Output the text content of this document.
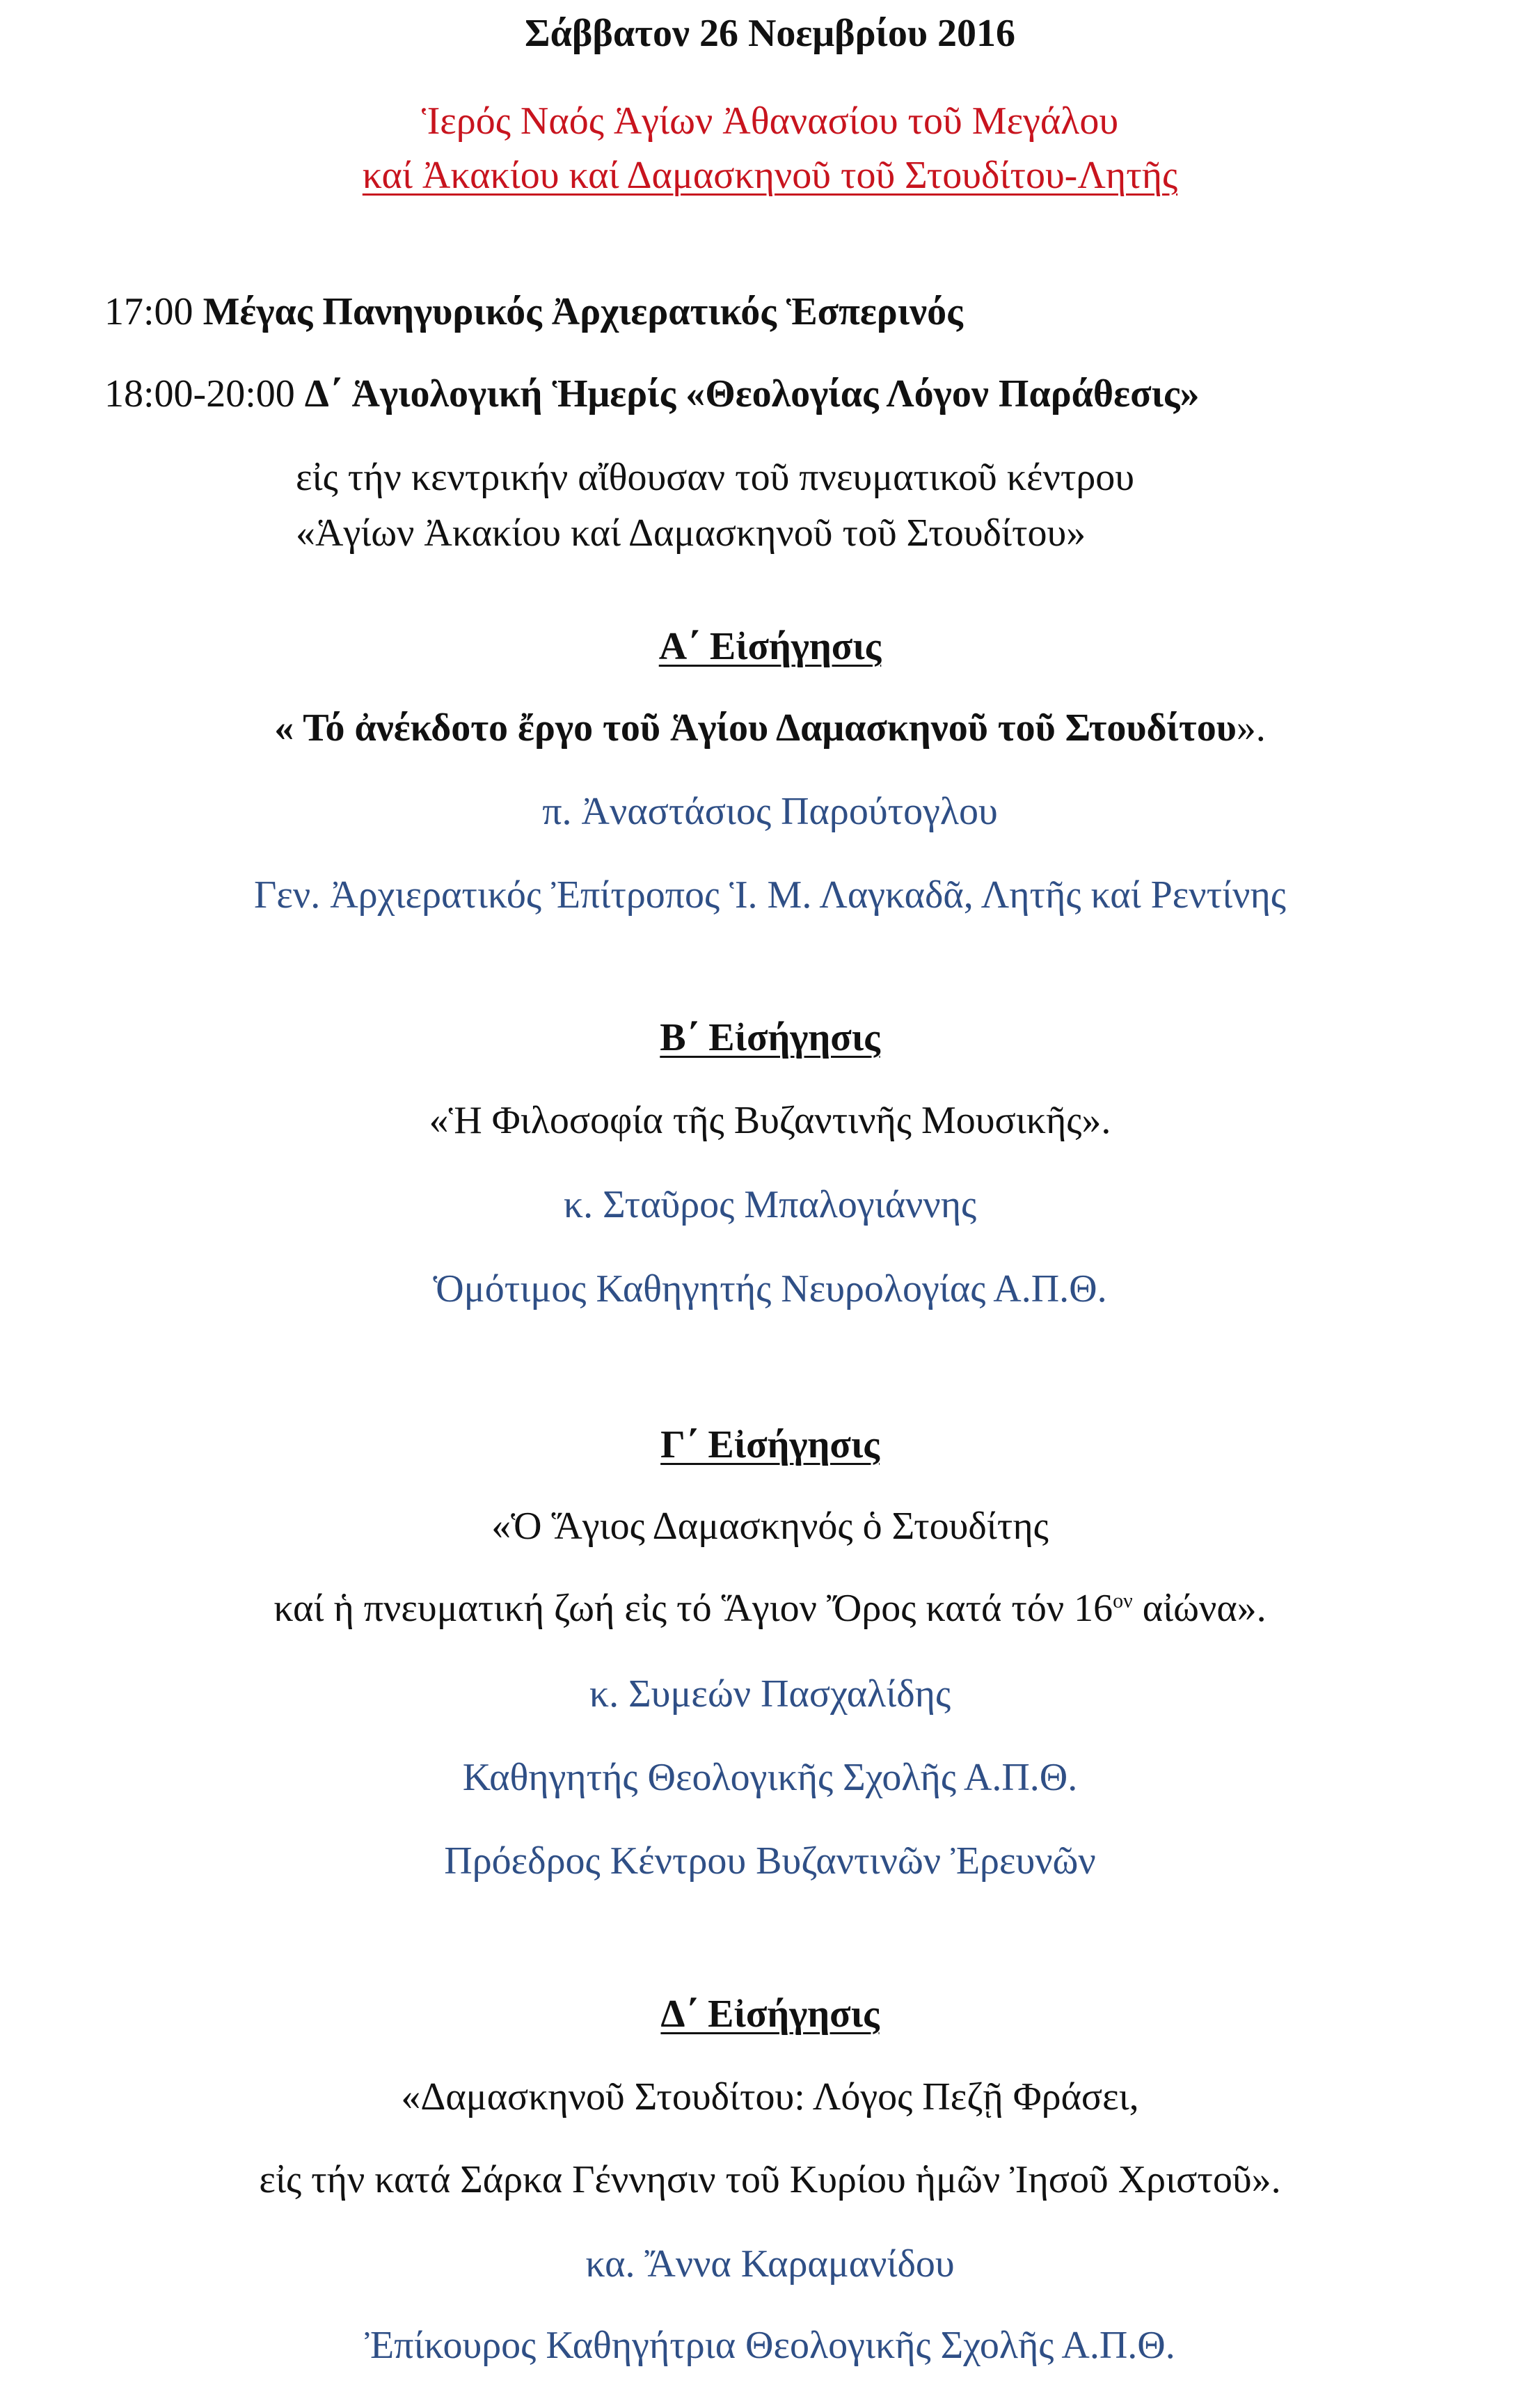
Σάββατον 26 Νοεμβρίου 2016
Ἱερός Ναός Ἁγίων Ἀθανασίου τοῦ Μεγάλου
καί Ἀκακίου καί Δαμασκηνοῦ τοῦ Στουδίτου-Λητῆς
17:00 Μέγας Πανηγυρικός Ἀρχιερατικός Ἑσπερινός
18:00-20:00 Δ΄ Ἁγιολογική Ἡμερίς «Θεολογίας Λόγον Παράθεσις»
εἰς τήν κεντρικήν αἴθουσαν τοῦ πνευματικοῦ κέντρου
«Ἁγίων Ἀκακίου καί Δαμασκηνοῦ τοῦ Στουδίτου»
Α΄ Εἰσήγησις
« Τό ἀνέκδοτο ἔργο τοῦ Ἁγίου Δαμασκηνοῦ τοῦ Στουδίτου».
π. Ἀναστάσιος Παρούτογλου
Γεν. Ἀρχιερατικός Ἐπίτροπος Ἱ. Μ. Λαγκαδᾶ, Λητῆς καί Ρεντίνης
Β΄ Εἰσήγησις
«Ἡ Φιλοσοφία τῆς Βυζαντινῆς Μουσικῆς».
κ. Σταῦρος Μπαλογιάννης
Ὁμότιμος Καθηγητής Νευρολογίας Α.Π.Θ.
Γ΄ Εἰσήγησις
«Ὁ Ἅγιος Δαμασκηνός ὁ Στουδίτης
καί ἡ πνευματική ζωή εἰς τό Ἅγιον Ὄρος κατά τόν $16^{o\nu}$ αἰώνα».
κ. Συμεών Πασχαλίδης
Καθηγητής Θεολογικῆς Σχολῆς Α.Π.Θ.
Πρόεδρος Κέντρου Βυζαντινῶν Ἐρευνῶν
Δ΄ Εἰσήγησις
«Δαμασκηνοῦ Στουδίτου: Λόγος Πεζῇ Φράσει,
εἰς τήν κατά Σάρκα Γέννησιν τοῦ Κυρίου ἡμῶν Ἰησοῦ Χριστοῦ».
κα. Ἄννα Καραμανίδου
Ἐπίκουρος Καθηγήτρια Θεολογικῆς Σχολῆς Α.Π.Θ.
